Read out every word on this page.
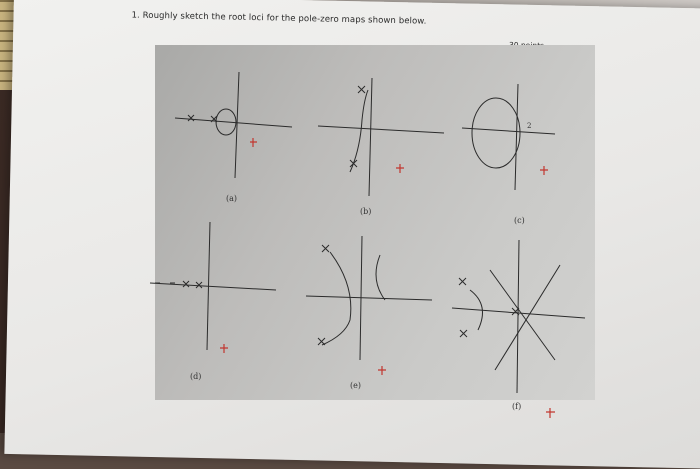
1. Roughly sketch the root loci for the pole-zero maps shown below.
(a)
(b)
(c)
(d)
(e)
(f)
2
